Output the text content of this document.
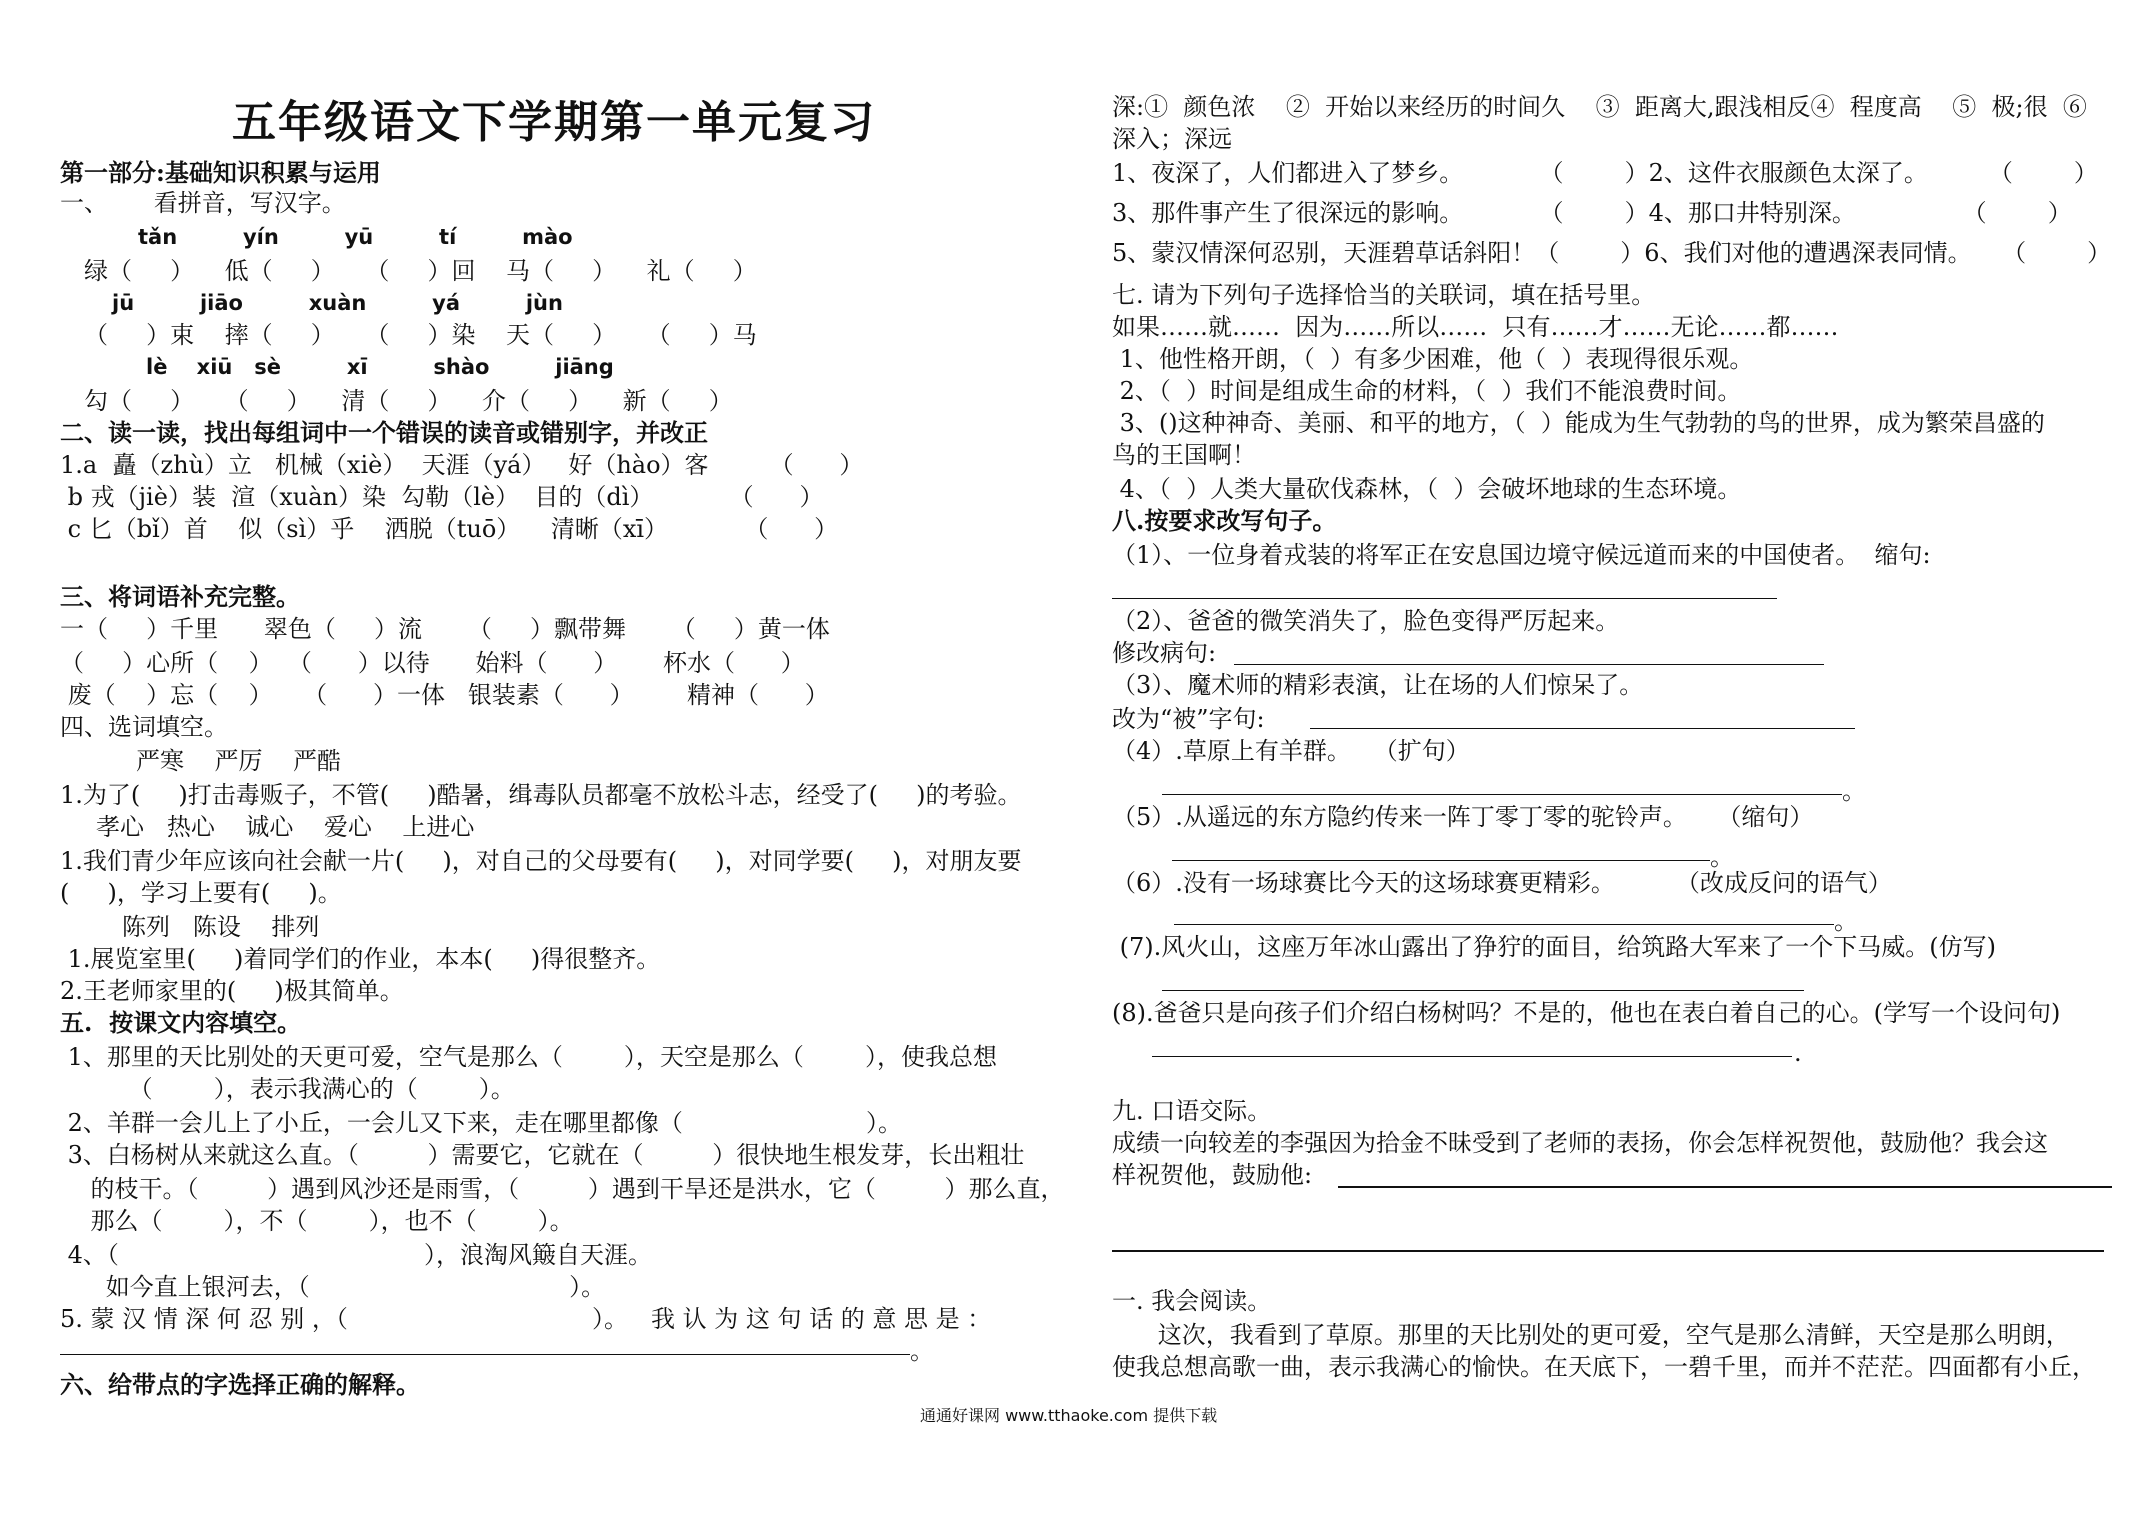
五年级语文下学期第一单元复习
第一部分:基础知识积累与运用
一、      看拼音，写汉字。
tǎn         yín         yū         tí         mào
绿（     ）    低（     ）    （     ）回    马（     ）    礼（     ）
jū         jiāo         xuàn         yá         jùn
（     ）束    摔（     ）    （     ）染    天（     ）    （     ）马
lè    xiū   sè         xī         shào         jiāng
勾（     ）    （     ）    清（     ）    介（     ）    新（     ）
二、读一读，找出每组词中一个错误的读音或错别字，并改正
1.a  矗（zhù）立   机械（xiè）  天涯（yá）   好（hào）客        （      ）
b 戎（jiè）装  渲（xuàn）染  勾勒（lè）  目的（dì）          （      ）
c 匕（bǐ）首    似（sì）乎    洒脱（tuō）    清晰（xī）          （      ）
三、将词语补充完整。
一（     ）千里      翠色（     ）流      （     ）飘带舞      （     ）黄一体
（     ）心所（    ）  （      ）以待      始料（      ）      杯水（      ）
废（    ）忘（    ）    （      ）一体   银装素（      ）       精神（      ）
四、选词填空。
严寒    严厉    严酷
1.为了(     )打击毒贩子，不管(     )酷暑，缉毒队员都毫不放松斗志，经受了(     )的考验。
孝心   热心    诚心    爱心    上进心
1.我们青少年应该向社会献一片(     )，对自己的父母要有(     )，对同学要(     )，对朋友要
(     )，学习上要有(     )。
陈列   陈设    排列
1.展览室里(     )着同学们的作业，本本(     )得很整齐。
2.王老师家里的(     )极其简单。
五.  按课文内容填空。
1、那里的天比别处的天更可爱，空气是那么（        ），天空是那么（        ），使我总想
（        ），表示我满心的（        ）。
2、羊群一会儿上了小丘，一会儿又下来，走在哪里都像（                        ）。
3、白杨树从来就这么直。（         ）需要它，它就在（         ）很快地生根发芽，长出粗壮
的枝干。（         ）遇到风沙还是雨雪，（         ）遇到干旱还是洪水，它（         ）那么直，
那么（        ），不（        ），也不（        ）。
4、（                                        ），浪淘风簸自天涯。
如今直上银河去，（                                  ）。
5. 蒙 汉 情 深 何 忍 别 ，（                                ）。   我 认 为 这 句 话 的 意 思 是 ：
。
六、给带点的字选择正确的解释。
深:①  颜色浓    ②  开始以来经历的时间久    ③  距离大,跟浅相反④  程度高    ⑤  极;很  ⑥
深入；深远
1、夜深了，人们都进入了梦乡。          （        ）2、这件衣服颜色太深了。        （        ）
3、那件事产生了很深远的影响。          （        ）4、那口井特别深。              （        ）
5、蒙汉情深何忍别，天涯碧草话斜阳！（        ）6、我们对他的遭遇深表同情。    （        ）
七. 请为下列句子选择恰当的关联词，填在括号里。
如果……就……  因为……所以……  只有……才……无论……都……
1、他性格开朗，（  ）有多少困难，他（  ）表现得很乐观。
2、（  ）时间是组成生命的材料，（  ）我们不能浪费时间。
3、()这种神奇、美丽、和平的地方，（  ）能成为生气勃勃的鸟的世界，成为繁荣昌盛的
鸟的王国啊！
4、（  ）人类大量砍伐森林，（  ）会破坏地球的生态环境。
八.按要求改写句子。
（1）、一位身着戎装的将军正在安息国边境守候远道而来的中国使者。  缩句:
（2）、爸爸的微笑消失了，脸色变得严厉起来。
修改病句:
（3）、魔术师的精彩表演，让在场的人们惊呆了。
改为“被”字句:
（4）.草原上有羊群。   （扩句）
。
（5）.从遥远的东方隐约传来一阵丁零丁零的驼铃声。    （缩句）
。
（6）.没有一场球赛比今天的这场球赛更精彩。        （改成反问的语气）
。
(7).风火山，这座万年冰山露出了狰狞的面目，给筑路大军来了一个下马威。(仿写)
(8).爸爸只是向孩子们介绍白杨树吗？不是的，他也在表白着自己的心。(学写一个设问句)
.
九. 口语交际。
成绩一向较差的李强因为拾金不昧受到了老师的表扬，你会怎样祝贺他，鼓励他？我会这
样祝贺他，鼓励他:
一. 我会阅读。
这次，我看到了草原。那里的天比别处的更可爱，空气是那么清鲜，天空是那么明朗，
使我总想高歌一曲，表示我满心的愉快。在天底下，一碧千里，而并不茫茫。四面都有小丘，
通通好课网 www.tthaoke.com 提供下载
